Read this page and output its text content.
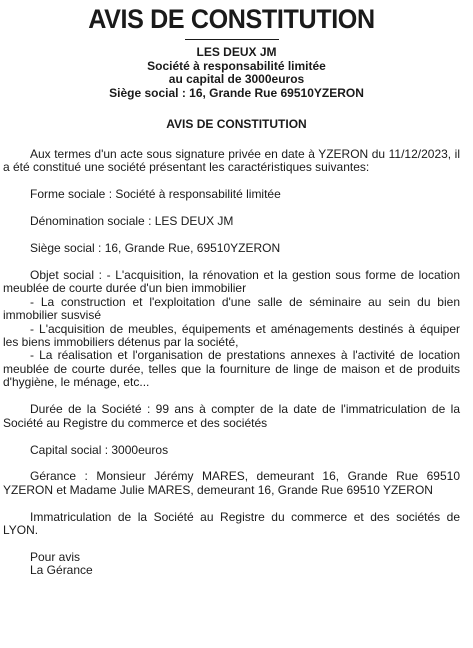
AVIS DE CONSTITUTION
LES DEUX JM
Société à responsabilité limitée
au capital de 3000euros
Siège social : 16, Grande Rue 69510YZERON
AVIS DE CONSTITUTION

Aux termes d'un acte sous signature privée en date à YZERON du 11/12/2023, il a été constitué une société présentant les caractéristiques suivantes:

Forme sociale : Société à responsabilité limitée

Dénomination sociale : LES DEUX JM

Siège social : 16, Grande Rue, 69510YZERON

Objet social : - L'acquisition, la rénovation et la gestion sous forme de location meublée de courte durée d'un bien immobilier

- La construction et l'exploitation d'une salle de séminaire au sein du bien immobilier susvisé

- L'acquisition de meubles, équipements et aménagements destinés à équiper les biens immobiliers détenus par la société,

- La réalisation et l'organisation de prestations annexes à l'activité de location meublée de courte durée, telles que la fourniture de linge de maison et de produits d'hygiène, le ménage, etc...

Durée de la Société : 99 ans à compter de la date de l'immatriculation de la Société au Registre du commerce et des sociétés

Capital social : 3000euros

Gérance : Monsieur Jérémy MARES, demeurant 16, Grande Rue 69510 YZERON et Madame Julie MARES, demeurant 16, Grande Rue 69510 YZERON

Immatriculation de la Société au Registre du commerce et des sociétés de LYON.

Pour avis

La Gérance
